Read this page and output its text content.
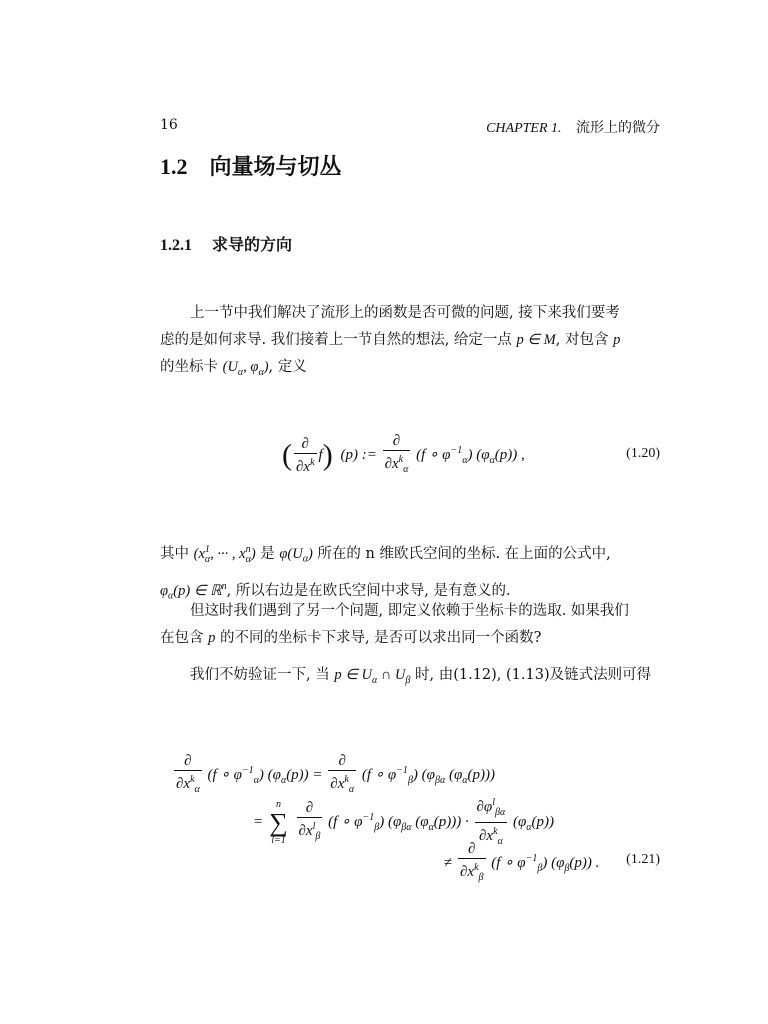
16	CHAPTER 1. 流形上的微分
1.2 向量场与切丛
1.2.1 求导的方向
上一节中我们解决了流形上的函数是否可微的问题, 接下来我们要考
虑的是如何求导. 我们接着上一节自然的想法, 给定一点 p ∈ M, 对包含 p
的坐标卡 ($U_\alpha$, $\varphi_\alpha$), 定义
( $\frac{\partial}{\partial x^k} f$) (p) := $\frac{\partial}{\partial x^k_\alpha} (f$ ∘ $\varphi^{-1}_\alpha$) $(\varphi_\alpha(p))$ ,	(1.20)
其中 ($x^1_\alpha$, ··· , $x^n_\alpha$) 是 $\varphi(U_\alpha)$ 所在的 n 维欧氏空间的坐标. 在上面的公式中,
$\varphi_\alpha(p)$ ∈ ℝ$^n$, 所以右边是在欧氏空间中求导, 是有意义的.
但这时我们遇到了另一个问题, 即定义依赖于坐标卡的选取. 如果我们
在包含 p 的不同的坐标卡下求导, 是否可以求出同一个函数?
我们不妨验证一下, 当 p ∈ $U_\alpha$ ∩ $U_\beta$ 时, 由(1.12), (1.13)及链式法则可得
$\frac{\partial}{\partial x^k_\alpha} (f$ ∘ $\varphi^{-1}_\alpha$) $(\varphi_\alpha(p)) = \frac{\partial}{\partial x^k_\alpha} (f$ ∘ $\varphi^{-1}_\beta$) ($\varphi_{\beta\alpha}$ $(\varphi_\alpha(p))$)
=
n
∑
l=1
$\frac{\partial}{\partial x^l_\beta} (f$ ∘ $\varphi^{-1}_\beta$) ($\varphi_{\beta\alpha}$ $(\varphi_\alpha(p))) \cdot \frac{\partial\varphi^l_{\beta\alpha}}{\partial x^k_\alpha} (\varphi_\alpha(p))$
≠ $\frac{\partial}{\partial x^k_\beta} (f$ ∘ $\varphi^{-1}_\beta$) $(\varphi_\beta(p))$ . (1.21)
